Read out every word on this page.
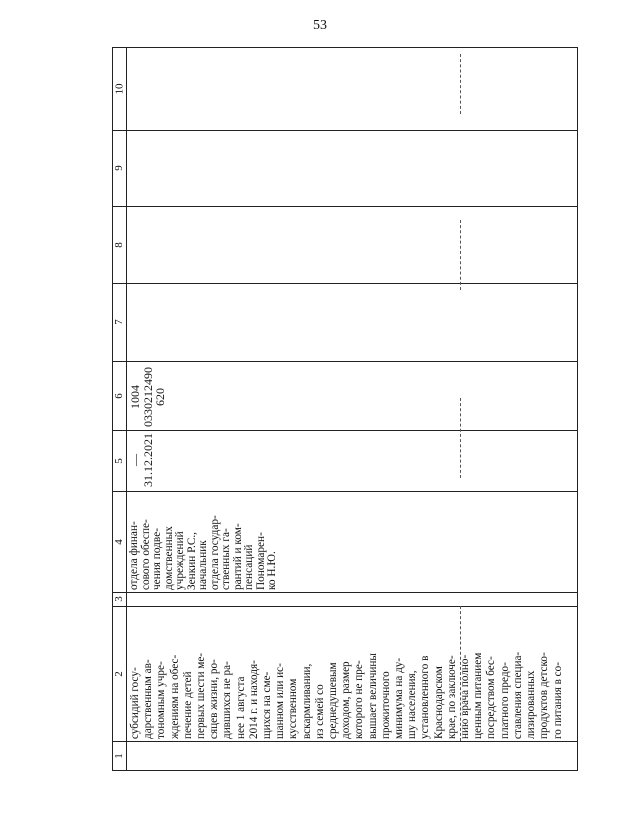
53
10
9
8
7
6
5
4
3
2
1
1004
0330212490
620
— 31.12.2021
отдела финан- сового обеспе- чения подве- домственных учреждений Зенкин Р.С., начальник отдела государ- ственных га- рантий и ком- пенсаций Пономарен- ко Н.Ю.
субсидий госу- дарственным ав- тономным учре- ждениям на обес- печение детей первых шести ме- сяцев жизни, ро- дившихся не ра- нее 1 августа 2014 г. и находя- щихся на сме- шанном или ис- кусственном вскармливании, из семей со среднедушевым доходом, размер которого не пре- вышает величины прожиточного минимума на ду- шу населения, установленного в Краснодарском крае, по заключе- нию врача полно- ценным питанием посредством бес- платного предо- ставления специа- лизированных продуктов детско- го питания в со-
